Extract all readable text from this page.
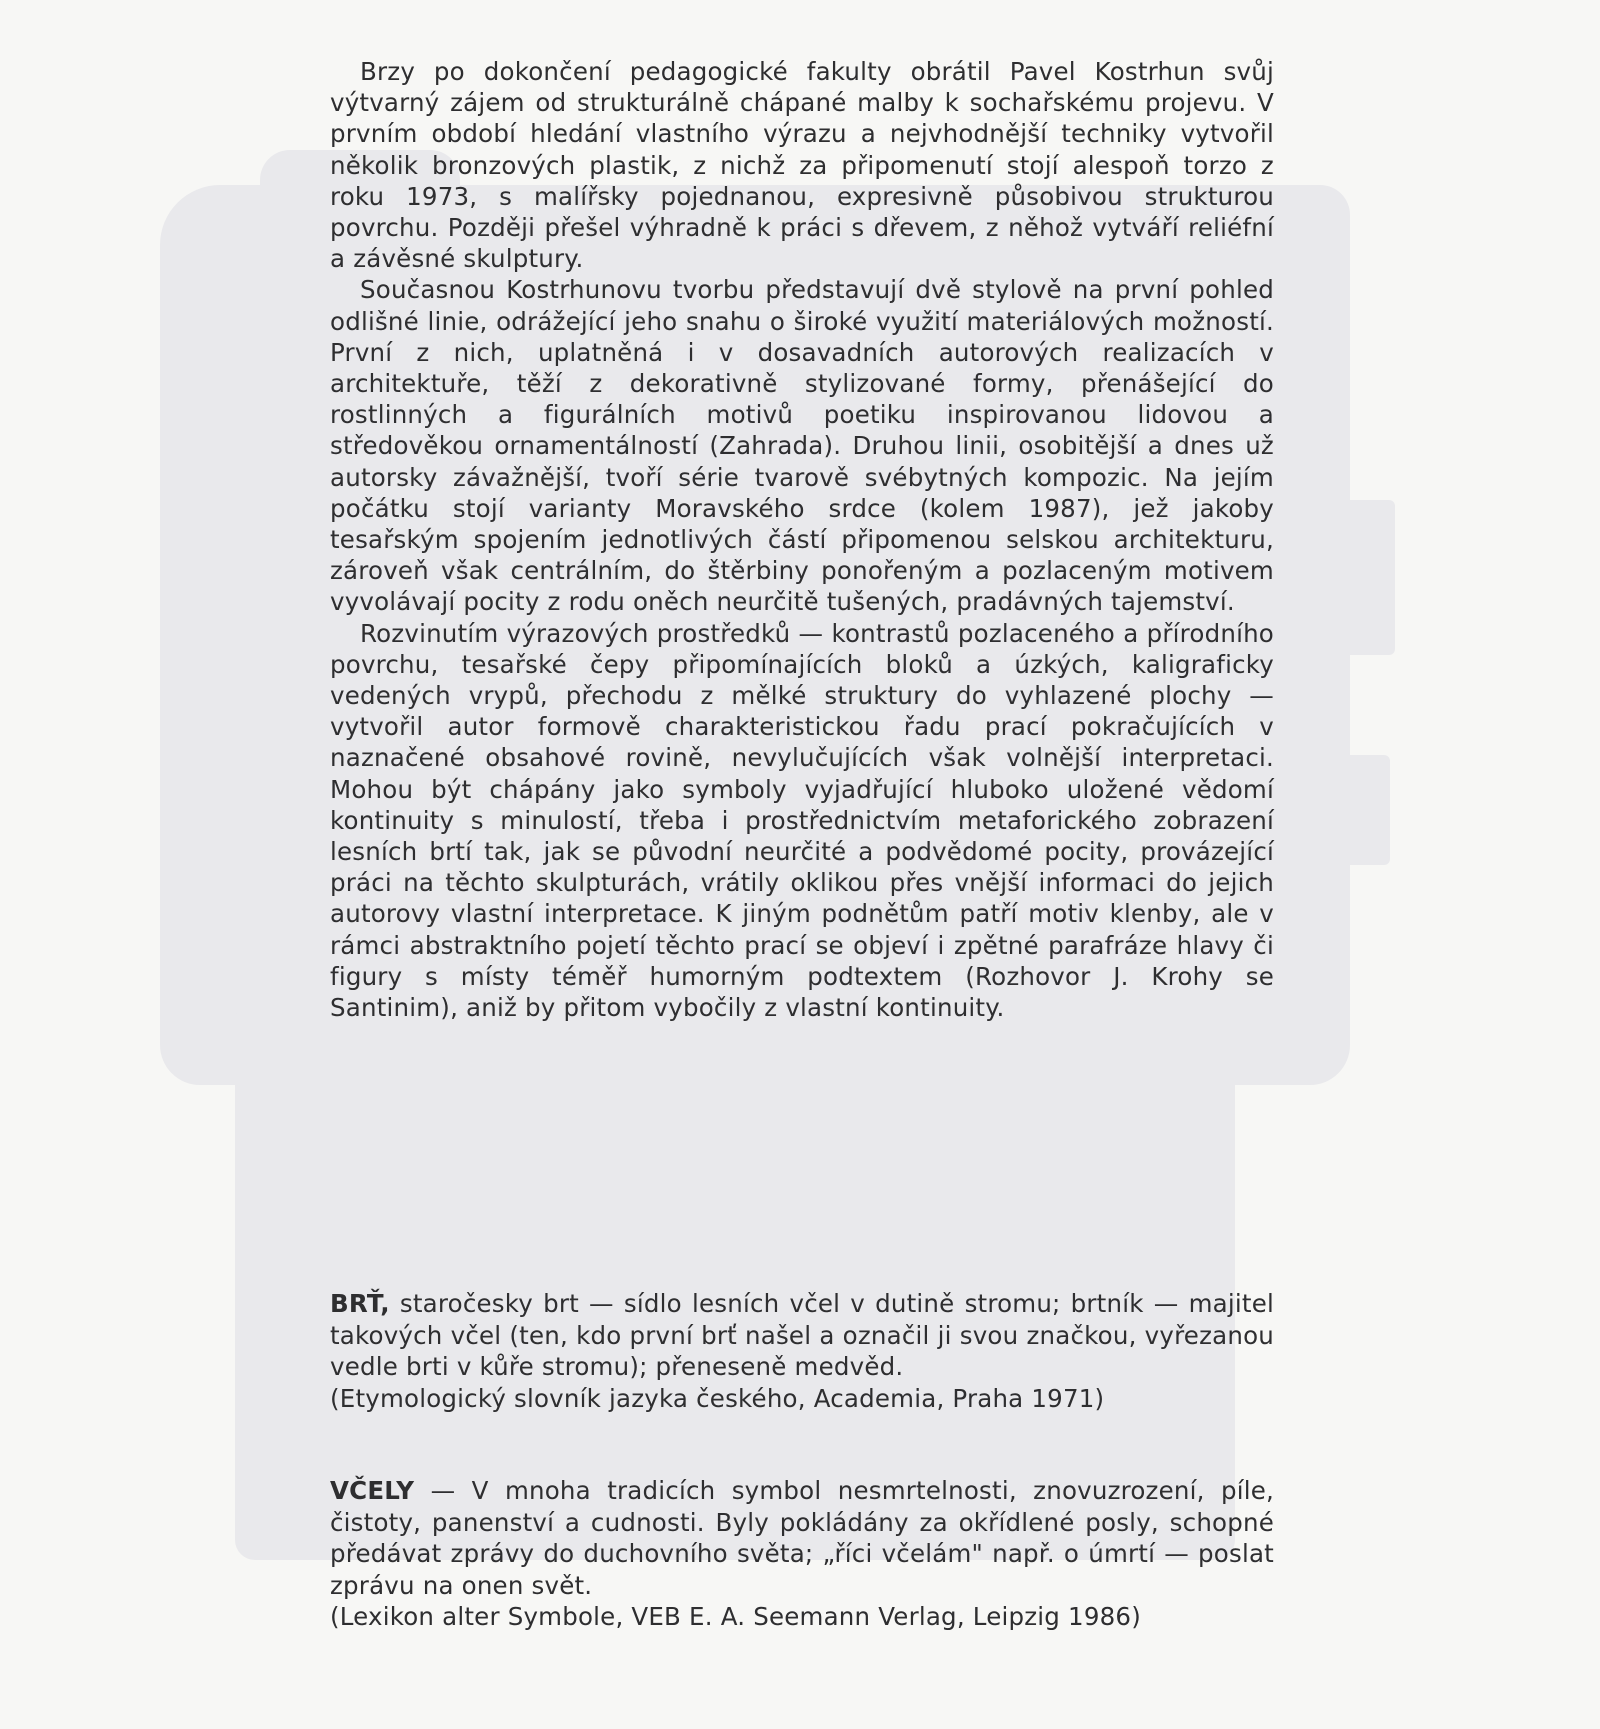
Brzy po dokončení pedagogické fakulty obrátil Pavel Kostrhun svůj výtvarný zájem od strukturálně chápané malby k sochařskému projevu. V prvním období hledání vlastního výrazu a nejvhodnější techniky vytvořil několik bronzových plastik, z nichž za připomenutí stojí alespoň torzo z roku 1973, s malířsky pojednanou, expresivně působivou strukturou povrchu. Později přešel výhradně k práci s dřevem, z něhož vytváří reliéfní a závěsné skulptury.

Současnou Kostrhunovu tvorbu představují dvě stylově na první pohled odlišné linie, odrážející jeho snahu o široké využití materiálových možností. První z nich, uplatněná i v dosavadních autorových realizacích v architektuře, těží z dekorativně stylizované formy, přenášející do rostlinných a figurálních motivů poetiku inspirovanou lidovou a středověkou ornamentálností (Zahrada). Druhou linii, osobitější a dnes už autorsky závažnější, tvoří série tvarově svébytných kompozic. Na jejím počátku stojí varianty Moravského srdce (kolem 1987), jež jakoby tesařským spojením jednotlivých částí připomenou selskou architekturu, zároveň však centrálním, do štěrbiny ponořeným a pozlaceným motivem vyvolávají pocity z rodu oněch neurčitě tušených, pradávných tajemství.

Rozvinutím výrazových prostředků — kontrastů pozlaceného a přírodního povrchu, tesařské čepy připomínajících bloků a úzkých, kaligraficky vedených vrypů, přechodu z mělké struktury do vyhlazené plochy — vytvořil autor formově charakteristickou řadu prací pokračujících v naznačené obsahové rovině, nevylučujících však volnější interpretaci. Mohou být chápány jako symboly vyjadřující hluboko uložené vědomí kontinuity s minulostí, třeba i prostřednictvím metaforického zobrazení lesních brtí tak, jak se původní neurčité a podvědomé pocity, provázející práci na těchto skulpturách, vrátily oklikou přes vnější informaci do jejich autorovy vlastní interpretace. K jiným podnětům patří motiv klenby, ale v rámci abstraktního pojetí těchto prací se objeví i zpětné parafráze hlavy či figury s místy téměř humorným podtextem (Rozhovor J. Krohy se Santinim), aniž by přitom vybočily z vlastní kontinuity.

BRŤ, staročesky brt — sídlo lesních včel v dutině stromu; brtník — majitel takových včel (ten, kdo první brť našel a označil ji svou značkou, vyřezanou vedle brti v kůře stromu); přeneseně medvěd.

(Etymologický slovník jazyka českého, Academia, Praha 1971)

VČELY — V mnoha tradicích symbol nesmrtelnosti, znovuzrození, píle, čistoty, panenství a cudnosti. Byly pokládány za okřídlené posly, schopné předávat zprávy do duchovního světa; „říci včelám" např. o úmrtí — poslat zprávu na onen svět.

(Lexikon alter Symbole, VEB E. A. Seemann Verlag, Leipzig 1986)
